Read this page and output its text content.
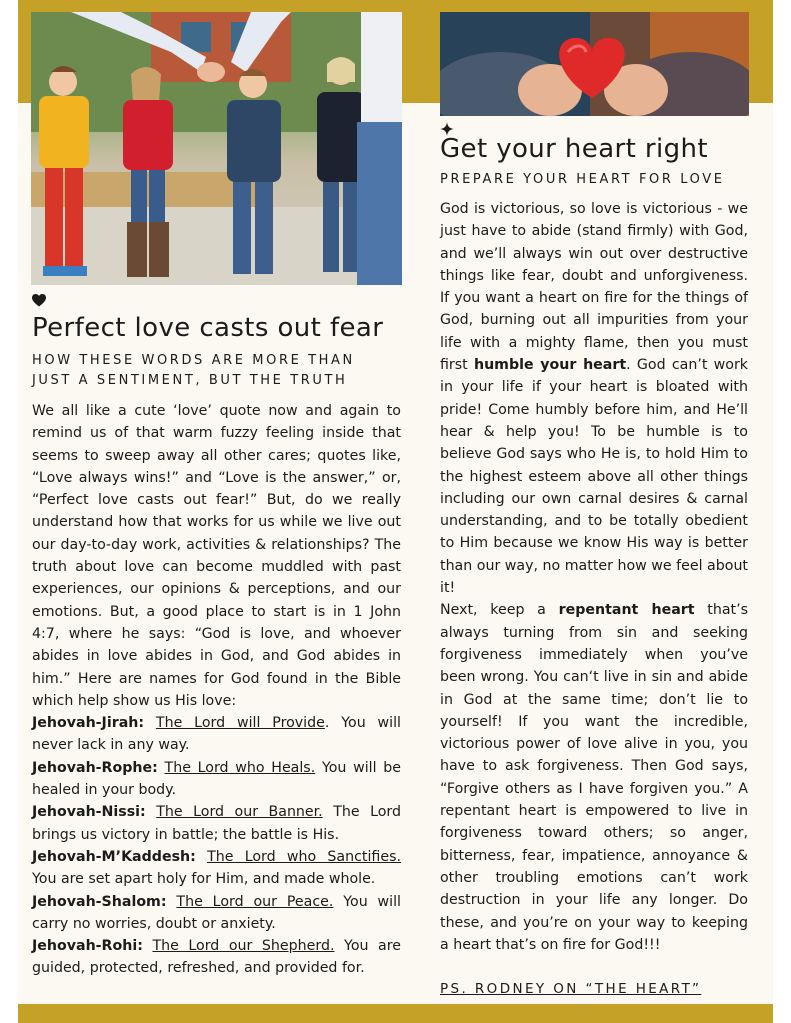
Perfect love casts out fear
HOW THESE WORDS ARE MORE THAN
JUST A SENTIMENT, BUT THE TRUTH

We all like a cute ‘love’ quote now and again to remind us of that warm fuzzy feeling inside that seems to sweep away all other cares; quotes like, “Love always wins!” and “Love is the answer,” or, “Perfect love casts out fear!” But, do we really understand how that works for us while we live out our day-to-day work, activities & relationships? The truth about love can become muddled with past experiences, our opinions & perceptions, and our emotions. But, a good place to start is in 1 John 4:7, where he says: “God is love, and whoever abides in love abides in God, and God abides in him.” Here are names for God found in the Bible which help show us His love:

Jehovah-Jirah: The Lord will Provide. You will never lack in any way.

Jehovah-Rophe: The Lord who Heals. You will be healed in your body.

Jehovah-Nissi: The Lord our Banner. The Lord brings us victory in battle; the battle is His.

Jehovah-M’Kaddesh: The Lord who Sanctifies. You are set apart holy for Him, and made whole.

Jehovah-Shalom: The Lord our Peace. You will carry no worries, doubt or anxiety.

Jehovah-Rohi: The Lord our Shepherd. You are guided, protected, refreshed, and provided for.

Get your heart right
PREPARE YOUR HEART FOR LOVE

God is victorious, so love is victorious - we just have to abide (stand firmly) with God, and we’ll always win out over destructive things like fear, doubt and unforgiveness. If you want a heart on fire for the things of God, burning out all impurities from your life with a mighty flame, then you must first humble your heart. God can’t work in your life if your heart is bloated with pride! Come humbly before him, and He’ll hear & help you! To be humble is to believe God says who He is, to hold Him to the highest esteem above all other things including our own carnal desires & carnal understanding, and to be totally obedient to Him because we know His way is better than our way, no matter how we feel about it!

Next, keep a repentant heart that’s always turning from sin and seeking forgiveness immediately when you’ve been wrong. You can‘t live in sin and abide in God at the same time; don’t lie to yourself! If you want the incredible, victorious power of love alive in you, you have to ask forgiveness. Then God says, “Forgive others as I have forgiven you.” A repentant heart is empowered to live in forgiveness toward others; so anger, bitterness, fear, impatience, annoyance & other troubling emotions can’t work destruction in your life any longer. Do these, and you’re on your way to keeping a heart that’s on fire for God!!!

PS. RODNEY ON “THE HEART”
